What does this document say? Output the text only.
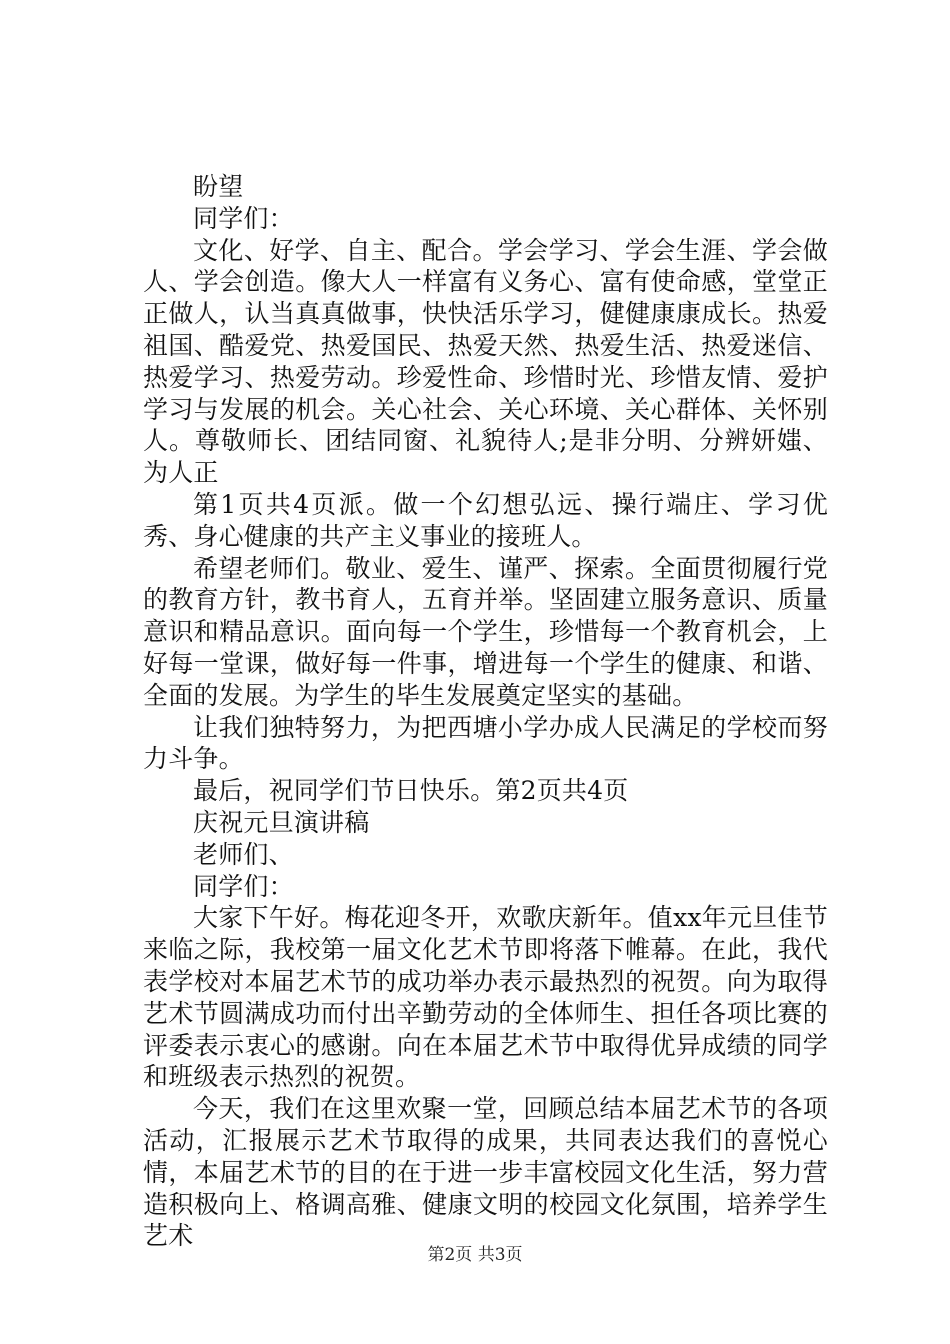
盼望

同学们：

文化、好学、自主、配合。学会学习、学会生涯、学会做人、学会创造。像大人一样富有义务心、富有使命感，堂堂正正做人，认当真真做事，快快活乐学习，健健康康成长。热爱祖国、酷爱党、热爱国民、热爱天然、热爱生活、热爱迷信、热爱学习、热爱劳动。珍爱性命、珍惜时光、珍惜友情、爱护学习与发展的机会。关心社会、关心环境、关心群体、关怀别人。尊敬师长、团结同窗、礼貌待人;是非分明、分辨妍媸、为人正

第1页共4页派。做一个幻想弘远、操行端庄、学习优秀、身心健康的共产主义事业的接班人。

希望老师们。敬业、爱生、谨严、探索。全面贯彻履行党的教育方针，教书育人，五育并举。坚固建立服务意识、质量意识和精品意识。面向每一个学生，珍惜每一个教育机会，上好每一堂课，做好每一件事，增进每一个学生的健康、和谐、全面的发展。为学生的毕生发展奠定坚实的基础。

让我们独特努力，为把西塘小学办成人民满足的学校而努力斗争。

最后，祝同学们节日快乐。第2页共4页

庆祝元旦演讲稿

老师们、

同学们：

大家下午好。梅花迎冬开，欢歌庆新年。值xx年元旦佳节来临之际，我校第一届文化艺术节即将落下帷幕。在此，我代表学校对本届艺术节的成功举办表示最热烈的祝贺。向为取得艺术节圆满成功而付出辛勤劳动的全体师生、担任各项比赛的评委表示衷心的感谢。向在本届艺术节中取得优异成绩的同学和班级表示热烈的祝贺。

今天，我们在这里欢聚一堂，回顾总结本届艺术节的各项活动，汇报展示艺术节取得的成果，共同表达我们的喜悦心情，本届艺术节的目的在于进一步丰富校园文化生活，努力营造积极向上、格调高雅、健康文明的校园文化氛围，培养学生艺术

第2页 共3页
